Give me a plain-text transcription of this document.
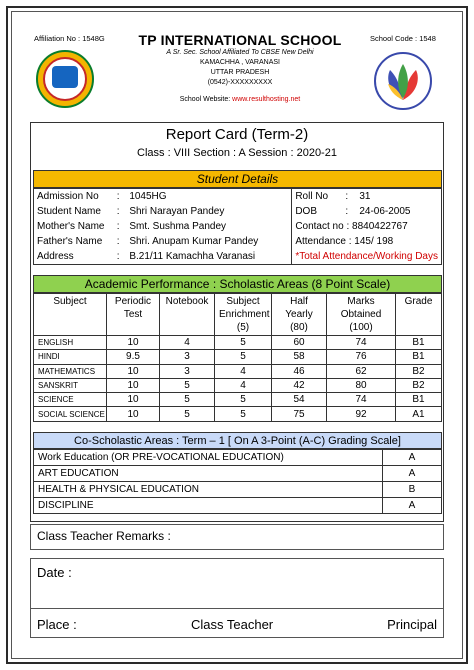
Affiliation No : 1548G	School Code : 1548
TP INTERNATIONAL SCHOOL
A Sr. Sec. School Affiliated To CBSE New Delhi
KAMACHHA , VARANASI
UTTAR PRADESH
(0542)-XXXXXXXXX
School Website: www.resulthosting.net
Report Card (Term-2)
Class : VIII Section : A Session : 2020-21
Student Details
Admission No	:	1045HG	Roll No	:	31
Student Name	:	Shri Narayan Pandey	DOB	:	24-06-2005
Mother's Name	:	Smt. Sushma Pandey	Contact no : 8840422767		
Father's Name	:	Shri. Anupam Kumar Pandey	Attendance : 145/ 198		
Address	:	B.21/11 Kamachha Varanasi	*Total Attendance/Working Days		
Academic Performance : Scholastic Areas (8 Point Scale)
Subject	Periodic Test	Notebook	Subject Enrichment (5)	Half Yearly (80)	Marks Obtained (100)	Grade
ENGLISH	10	4	5	60	74	B1
HINDI	9.5	3	5	58	76	B1
MATHEMATICS	10	3	4	46	62	B2
SANSKRIT	10	5	4	42	80	B2
SCIENCE	10	5	5	54	74	B1
SOCIAL SCIENCE	10	5	5	75	92	A1
Co-Scholastic Areas : Term – 1 [ On A 3-Point (A-C) Grading Scale]
Work Education (OR PRE-VOCATIONAL EDUCATION)	A
ART EDUCATION	A
HEALTH & PHYSICAL EDUCATION	B
DISCIPLINE	A
Class Teacher Remarks :
Date :
Place :	Class Teacher	Principal
